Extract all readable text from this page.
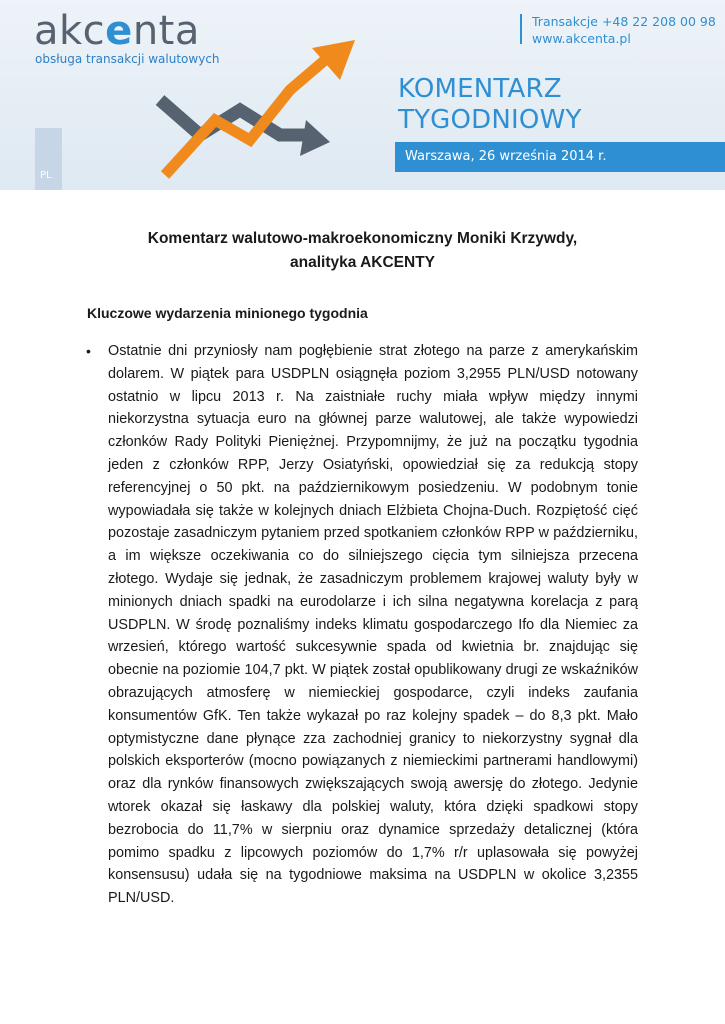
akcenta
obsługa transakcji walutowych
Transakcje +48 22 208 00 98
www.akcenta.pl
KOMENTARZ
TYGODNIOWY
Warszawa, 26 września 2014 r.
PL
Komentarz walutowo-makroekonomiczny Moniki Krzywdy,
analityka AKCENTY
Kluczowe wydarzenia minionego tygodnia
• Ostatnie dni przyniosły nam pogłębienie strat złotego na parze z amerykańskim dolarem. W piątek para USDPLN osiągnęła poziom 3,2955 PLN/USD notowany ostatnio w lipcu 2013 r. Na zaistniałe ruchy miała wpływ między innymi niekorzystna sytuacja euro na głównej parze walutowej, ale także wypowiedzi członków Rady Polityki Pieniężnej. Przypomnijmy, że już na początku tygodnia jeden z członków RPP, Jerzy Osiatyński, opowiedział się za redukcją stopy referencyjnej o 50 pkt. na październikowym posiedzeniu. W podobnym tonie wypowiadała się także w kolejnych dniach Elżbieta Chojna-Duch. Rozpiętość cięć pozostaje zasadniczym pytaniem przed spotkaniem członków RPP w październiku, a im większe oczekiwania co do silniejszego cięcia tym silniejsza przecena złotego. Wydaje się jednak, że zasadniczym problemem krajowej waluty były w minionych dniach spadki na eurodolarze i ich silna negatywna korelacja z parą USDPLN. W środę poznaliśmy indeks klimatu gospodarczego Ifo dla Niemiec za wrzesień, którego wartość sukcesywnie spada od kwietnia br. znajdując się obecnie na poziomie 104,7 pkt. W piątek został opublikowany drugi ze wskaźników obrazujących atmosferę w niemieckiej gospodarce, czyli indeks zaufania konsumentów GfK. Ten także wykazał po raz kolejny spadek – do 8,3 pkt. Mało optymistyczne dane płynące zza zachodniej granicy to niekorzystny sygnał dla polskich eksporterów (mocno powiązanych z niemieckimi partnerami handlowymi) oraz dla rynków finansowych zwiększających swoją awersję do złotego. Jedynie wtorek okazał się łaskawy dla polskiej waluty, która dzięki spadkowi stopy bezrobocia do 11,7% w sierpniu oraz dynamice sprzedaży detalicznej (która pomimo spadku z lipcowych poziomów do 1,7% r/r uplasowała się powyżej konsensusu) udała się na tygodniowe maksima na USDPLN w okolice 3,2355 PLN/USD.
